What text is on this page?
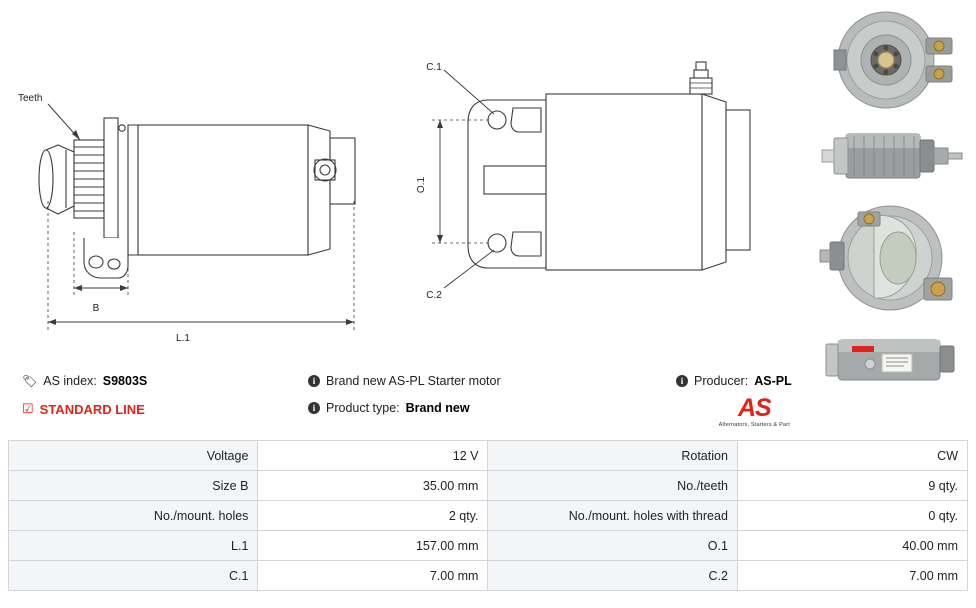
Teeth
B
L.1
O.1
C.1
C.2
🏷 AS index: S9803S
☑ STANDARD LINE
i Brand new AS-PL Starter motor
i Product type: Brand new
i Producer: AS-PL
AS
Alternators, Starters & Part
Voltage	12 V	Rotation	CW
Size B	35.00 mm	No./teeth	9 qty.
No./mount. holes	2 qty.	No./mount. holes with thread	0 qty.
L.1	157.00 mm	O.1	40.00 mm
C.1	7.00 mm	C.2	7.00 mm
